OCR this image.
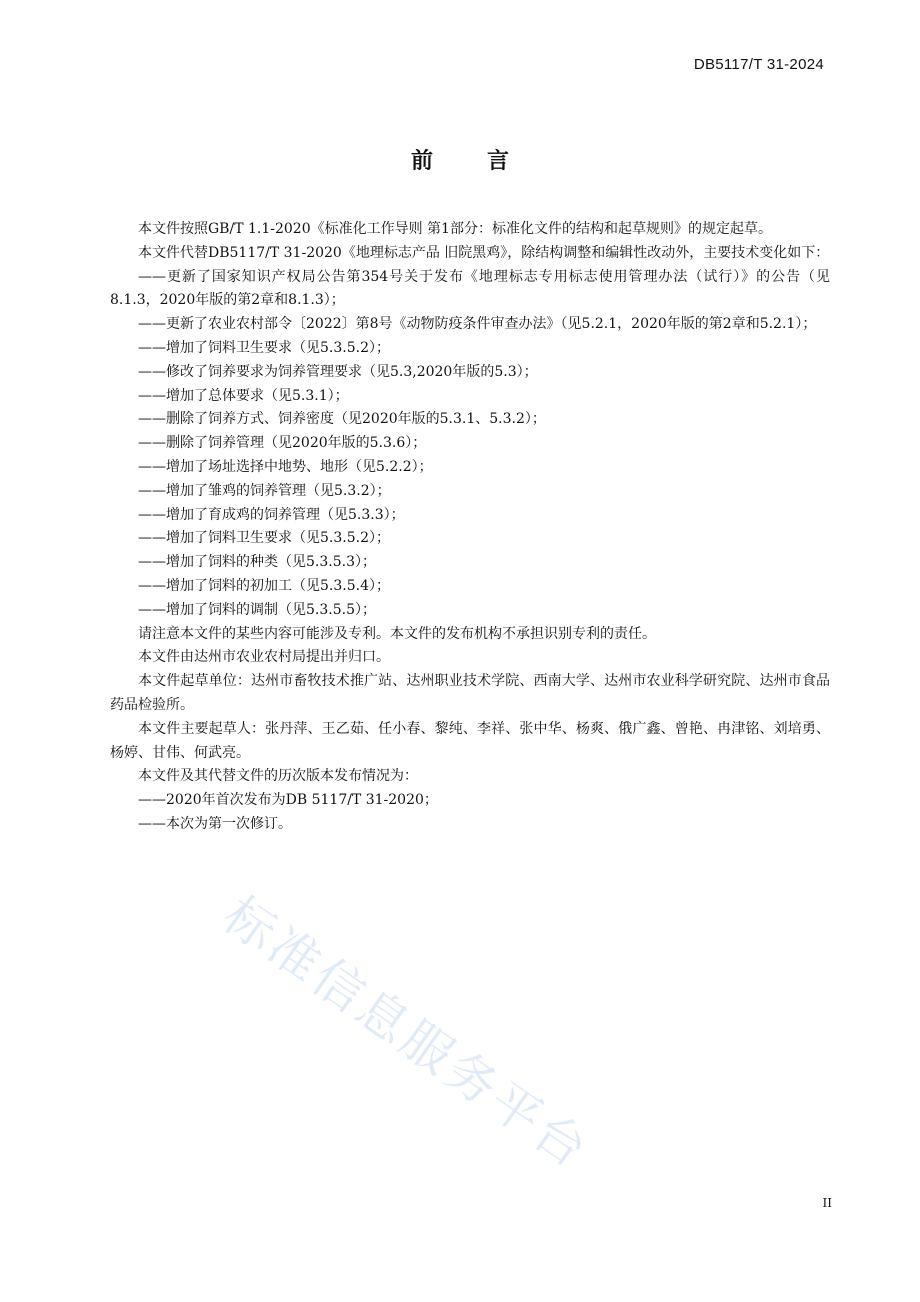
DB5117/T 31-2024
前 言

本文件按照GB/T 1.1-2020《标准化工作导则 第1部分：标准化文件的结构和起草规则》的规定起草。

本文件代替DB5117/T 31-2020《地理标志产品 旧院黑鸡》，除结构调整和编辑性改动外，主要技术变化如下：

——更新了国家知识产权局公告第354号关于发布《地理标志专用标志使用管理办法（试行）》的公告（见8.1.3，2020年版的第2章和8.1.3）；

——更新了农业农村部令〔2022〕第8号《动物防疫条件审查办法》（见5.2.1，2020年版的第2章和5.2.1）；

——增加了饲料卫生要求（见5.3.5.2）；

——修改了饲养要求为饲养管理要求（见5.3,2020年版的5.3）；

——增加了总体要求（见5.3.1）；

——删除了饲养方式、饲养密度（见2020年版的5.3.1、5.3.2）；

——删除了饲养管理（见2020年版的5.3.6）；

——增加了场址选择中地势、地形（见5.2.2）；

——增加了雏鸡的饲养管理（见5.3.2）；

——增加了育成鸡的饲养管理（见5.3.3）；

——增加了饲料卫生要求（见5.3.5.2）；

——增加了饲料的种类（见5.3.5.3）；

——增加了饲料的初加工（见5.3.5.4）；

——增加了饲料的调制（见5.3.5.5）；

请注意本文件的某些内容可能涉及专利。本文件的发布机构不承担识别专利的责任。

本文件由达州市农业农村局提出并归口。

本文件起草单位：达州市畜牧技术推广站、达州职业技术学院、西南大学、达州市农业科学研究院、达州市食品药品检验所。

本文件主要起草人：张丹萍、王乙茹、任小春、黎纯、李祥、张中华、杨爽、俄广鑫、曾艳、冉津铭、刘培勇、杨婷、甘伟、何武亮。

本文件及其代替文件的历次版本发布情况为：

——2020年首次发布为DB 5117/T 31-2020；

——本次为第一次修订。

标准信息服务平台
II
